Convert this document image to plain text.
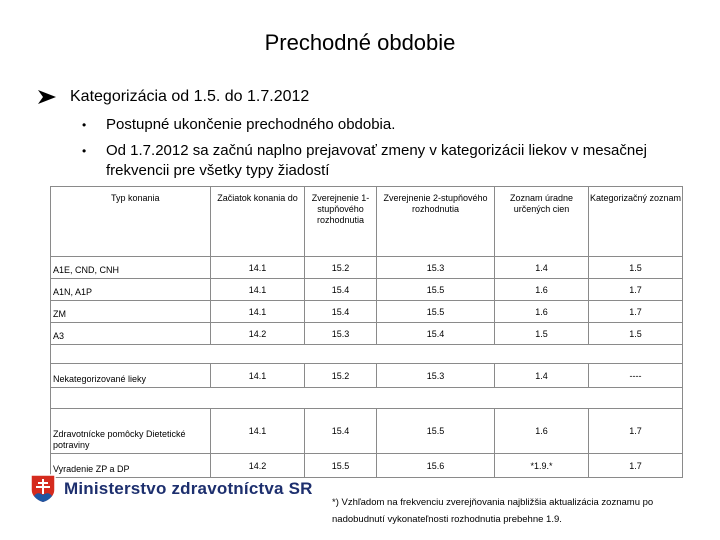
Prechodné obdobie
Kategorizácia od 1.5. do 1.7.2012
• Postupné ukončenie prechodného obdobia.
• Od 1.7.2012 sa začnú naplno prejavovať zmeny v kategorizácii liekov v mesačnej frekvencii pre všetky typy žiadostí
Typ konania	Začiatok konania do	Zverejnenie 1-stupňového rozhodnutia	Zverejnenie 2-stupňového rozhodnutia	Zoznam úradne určených cien	Kategorizačný zoznam
A1E, CND, CNH	14.1	15.2	15.3	1.4	1.5
A1N, A1P	14.1	15.4	15.5	1.6	1.7
ZM	14.1	15.4	15.5	1.6	1.7
A3	14.2	15.3	15.4	1.5	1.5

Nekategorizované lieky	14.1	15.2	15.3	1.4	----

Zdravotnícke pomôcky Dietetické potraviny	14.1	15.4	15.5	1.6	1.7
Vyradenie ZP a DP	14.2	15.5	15.6	*1.9.*	1.7
Ministerstvo zdravotníctva SR
*) Vzhľadom na frekvenciu zverejňovania najbližšia aktualizácia zoznamu po nadobudnutí vykonateľnosti rozhodnutia prebehne 1.9.
